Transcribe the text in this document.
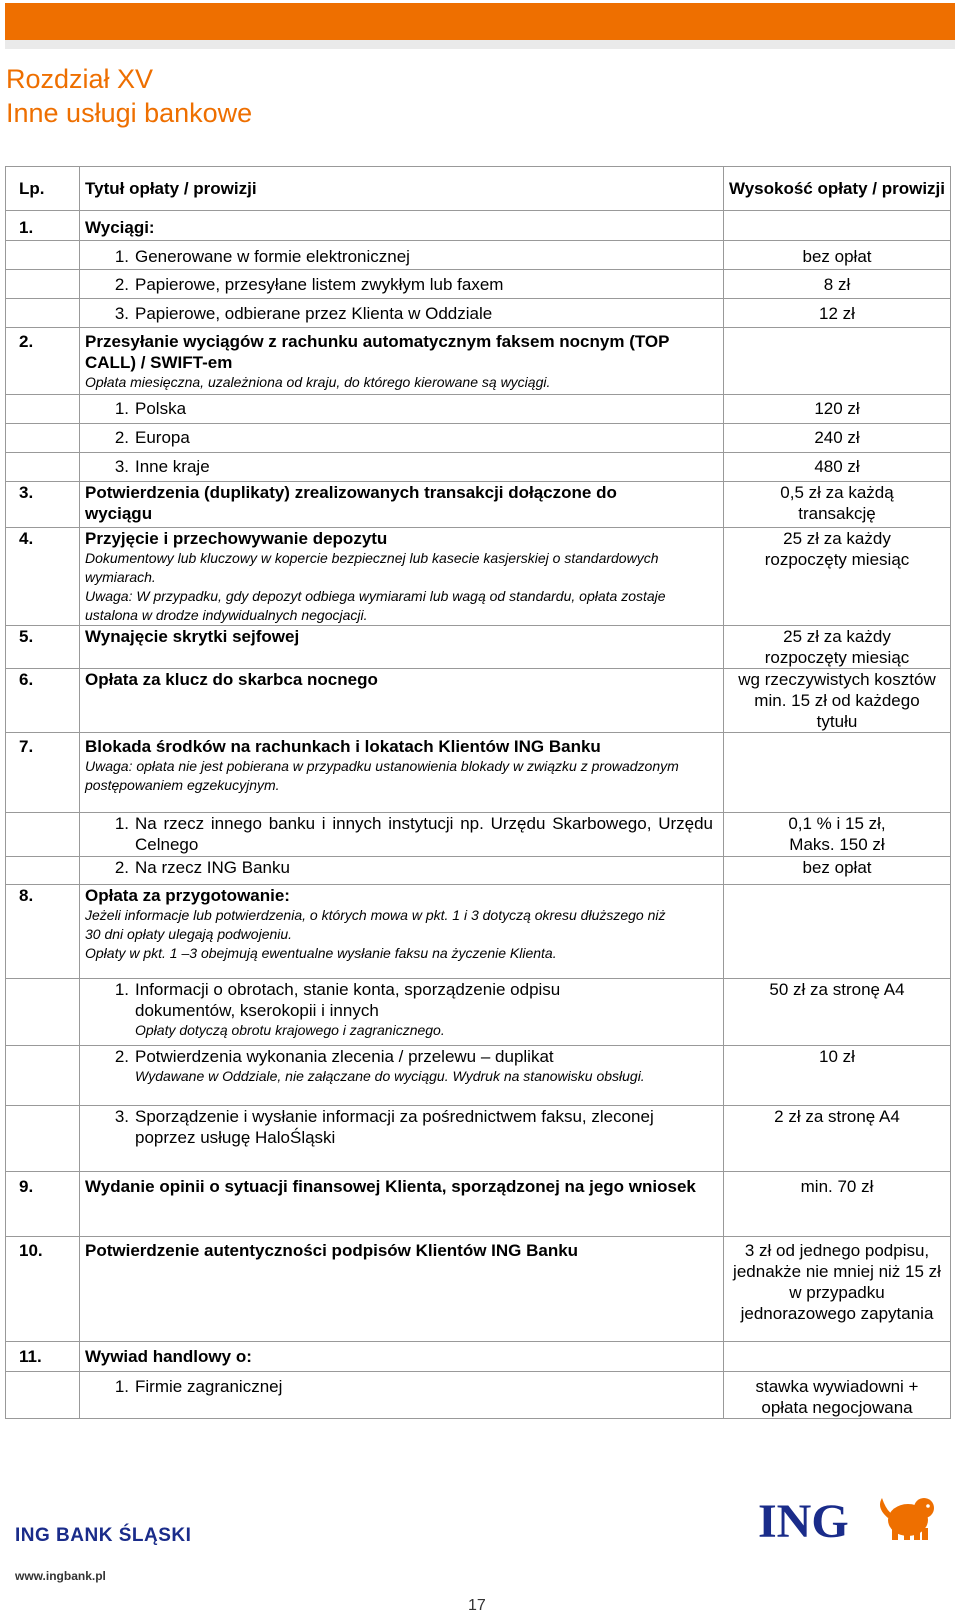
Rozdział XV
Inne usługi bankowe
Lp.	Tytuł opłaty / prowizji	Wysokość opłaty / prowizji
1.	Wyciągi:	

	1. Generowane w formie elektronicznej	bez opłat

	2. Papierowe, przesyłane listem zwykłym lub faxem	8 zł

	3. Papierowe, odbierane przez Klienta w Oddziale	12 zł
2.	Przesyłanie wyciągów z rachunku automatycznym faksem nocnym (TOP CALL) / SWIFT-em
Opłata miesięczna, uzależniona od kraju, do którego kierowane są wyciągi.	

	1. Polska	120 zł

	2. Europa	240 zł

	3. Inne kraje	480 zł
3.	Potwierdzenia (duplikaty) zrealizowanych transakcji dołączone do wyciągu	0,5 zł za każdą transakcję
4.	Przyjęcie i przechowywanie depozytu
Dokumentowy lub kluczowy w kopercie bezpiecznej lub kasecie kasjerskiej o standardowych wymiarach.
Uwaga: W przypadku, gdy depozyt odbiega wymiarami lub wagą od standardu, opłata zostaje ustalona w drodze indywidualnych negocjacji.	25 zł za każdy rozpoczęty miesiąc
5.	Wynajęcie skrytki sejfowej	25 zł za każdy rozpoczęty miesiąc
6.	Opłata za klucz do skarbca nocnego	wg rzeczywistych kosztów min. 15 zł od każdego tytułu
7.	Blokada środków na rachunkach i lokatach Klientów ING Banku
Uwaga: opłata nie jest pobierana w przypadku ustanowienia blokady w związku z prowadzonym postępowaniem egzekucyjnym.	

	1. Na rzecz innego banku i innych instytucji np. Urzędu Skarbowego, Urzędu Celnego	0,1 % i 15 zł, Maks. 150 zł

	2. Na rzecz ING Banku	bez opłat
8.	Opłata za przygotowanie:
Jeżeli informacje lub potwierdzenia, o których mowa w pkt. 1 i 3 dotyczą okresu dłuższego niż 30 dni opłaty ulegają podwojeniu.
Opłaty w pkt. 1 –3 obejmują ewentualne wysłanie faksu na życzenie Klienta.	

	1. Informacji o obrotach, stanie konta, sporządzenie odpisu dokumentów, kserokopii i innych
Opłaty dotyczą obrotu krajowego i zagranicznego.	50 zł za stronę A4

	2. Potwierdzenia wykonania zlecenia / przelewu – duplikat
Wydawane w Oddziale, nie załączane do wyciągu. Wydruk na stanowisku obsługi.	10 zł

	3. Sporządzenie i wysłanie informacji za pośrednictwem faksu, zleconej poprzez usługę HaloŚląski	2 zł za stronę A4
9.	Wydanie opinii o sytuacji finansowej Klienta, sporządzonej na jego wniosek	min. 70 zł
10.	Potwierdzenie autentyczności podpisów Klientów ING Banku	3 zł od jednego podpisu, jednakże nie mniej niż 15 zł w przypadku jednorazowego zapytania
11.	Wywiad handlowy o:	

	1. Firmie zagranicznej	stawka wywiadowni + opłata negocjowana
ING BANK ŚLĄSKI
www.ingbank.pl
17
ING
